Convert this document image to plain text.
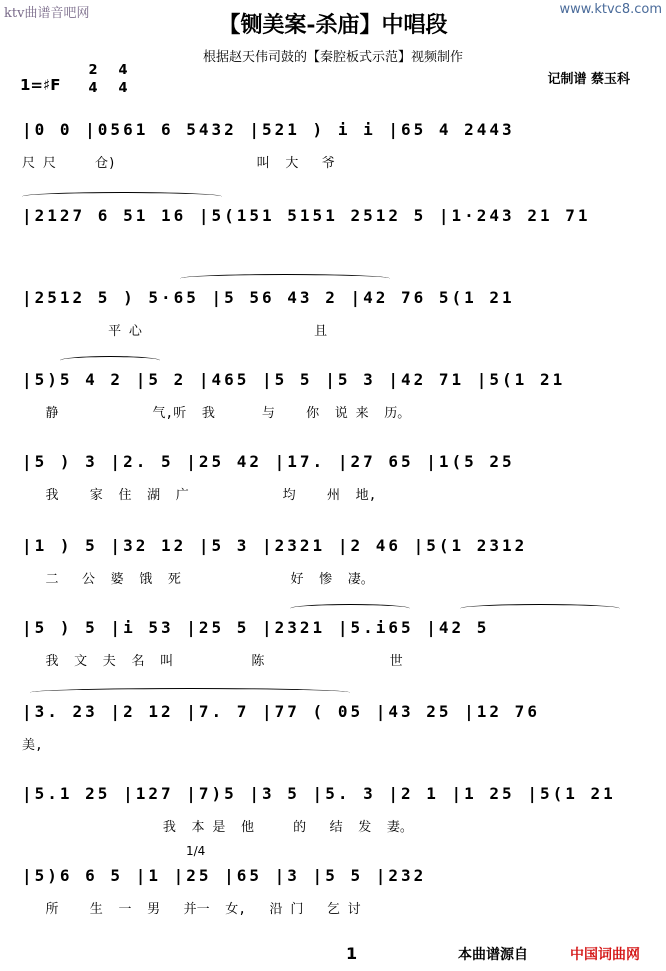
ktv曲谱音吧网	www.ktvc8.com
【铡美案-杀庙】中唱段
根据赵天伟司鼓的【秦腔板式示范】视频制作
1=♯F
2
4
4
4
记制谱 蔡玉科
|0 0 |0561 6 5432 |521 ) i i |65 4 2443
尺 尺     仓)                  叫  大   爷
|2127 6 51 16 |5(151 5151 2512 5 |1·243 21 71
|2512 5 ) 5·65 |5 56 43 2 |42 76 5(1 21
平 心                      且
|5)5 4 2 |5 2 |465 |5 5 |5 3 |42 71 |5(1 21
静            气,听  我      与    你  说 来  历。
|5 ) 3 |2. 5 |25 42 |17. |27 65 |1(5 25
我    家  住  湖  广            均    州  地,
|1 ) 5 |32 12 |5 3 |2321 |2 46 |5(1 2312
二   公  婆  饿  死              好  惨  凄。
|5 ) 5 |i 53 |25 5 |2321 |5.i65 |42 5
我  文  夫  名  叫          陈                世
|3. 23 |2 12 |7. 7 |77 ( 05 |43 25 |12 76
美,
|5.1 25 |127 |7)5 |3 5 |5. 3 |2 1 |1 25 |5(1 21
我  本 是  他     的   结  发  妻。
1/4
|5)6 6 5 |1 |25 |65 |3 |5 5 |232
所    生  一  男   并一  女,   沿 门   乞 讨
1	本曲谱源自	中国词曲网
